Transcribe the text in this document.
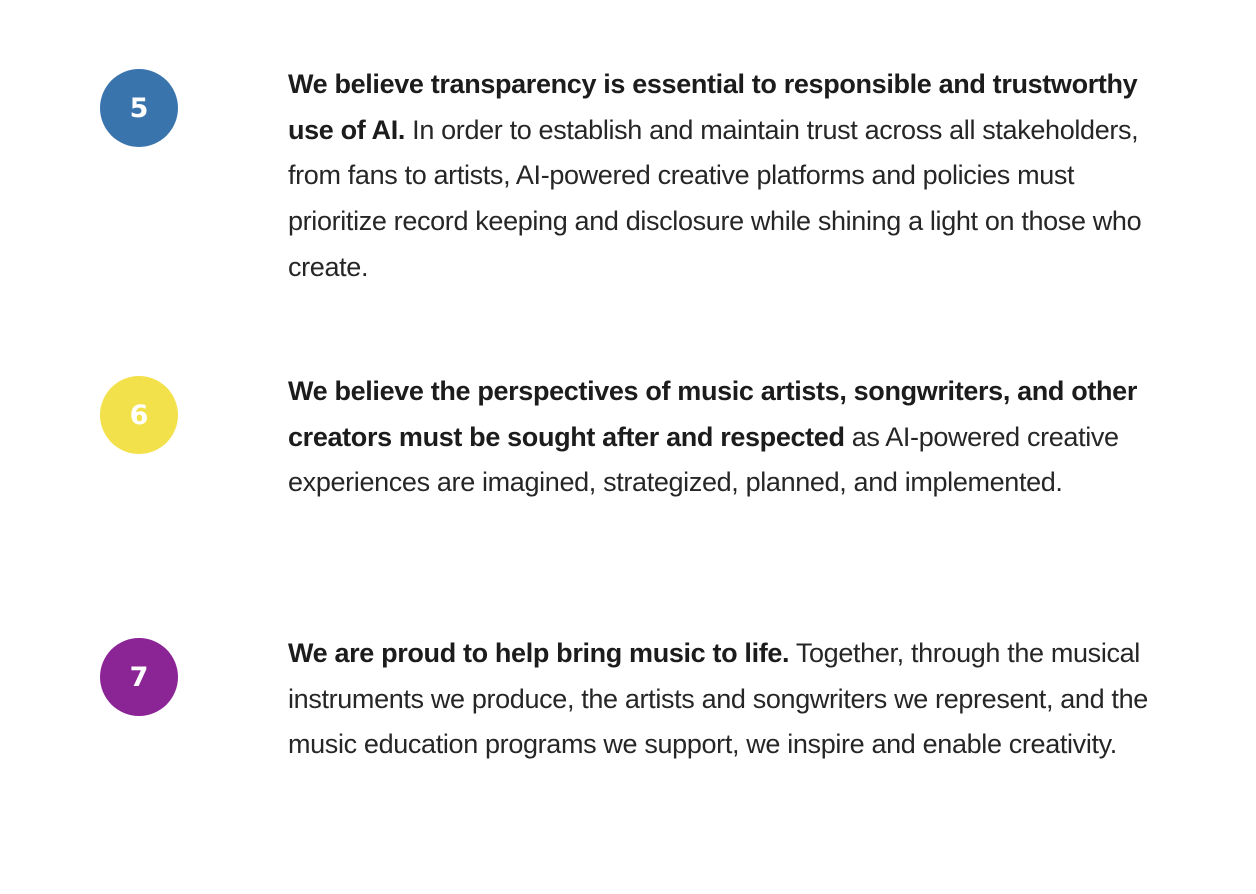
5

We believe transparency is essential to responsible and trustworthy use of AI. In order to establish and maintain trust across all stakeholders, from fans to artists, AI-powered creative platforms and policies must prioritize record keeping and disclosure while shining a light on those who create.

6

We believe the perspectives of music artists, songwriters, and other creators must be sought after and respected as AI-powered creative experiences are imagined, strategized, planned, and implemented.

7

We are proud to help bring music to life. Together, through the musical instruments we produce, the artists and songwriters we represent, and the music education programs we support, we inspire and enable creativity.
